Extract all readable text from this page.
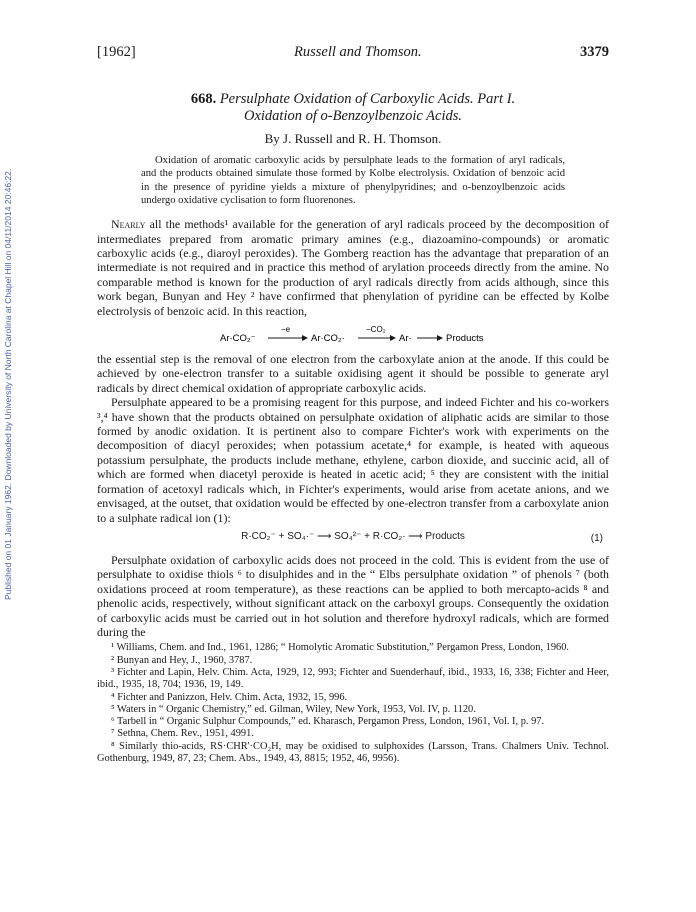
Published on 01 January 1962. Downloaded by University of North Carolina at Chapel Hill on 04/11/2014 20:46:22.
[1962]	Russell and Thomson.	3379
668. Persulphate Oxidation of Carboxylic Acids. Part I.
Oxidation of o-Benzoylbenzoic Acids.
By J. Russell and R. H. Thomson.
Oxidation of aromatic carboxylic acids by persulphate leads to the formation of aryl radicals, and the products obtained simulate those formed by Kolbe electrolysis. Oxidation of benzoic acid in the presence of pyridine yields a mixture of phenylpyridines; and o-benzoylbenzoic acids undergo oxidative cyclisation to form fluorenones.

Nearly all the methods¹ available for the generation of aryl radicals proceed by the decomposition of intermediates prepared from aromatic primary amines (e.g., diazoamino-compounds) or aromatic carboxylic acids (e.g., diaroyl peroxides). The Gomberg reaction has the advantage that preparation of an intermediate is not required and in practice this method of arylation proceeds directly from the amine. No comparable method is known for the production of aryl radicals directly from acids although, since this work began, Bunyan and Hey ² have confirmed that phenylation of pyridine can be effected by Kolbe electrolysis of benzoic acid. In this reaction,

Ar·CO₂⁻
−e
Ar·CO₂·
−CO₂
Ar·	Products

the essential step is the removal of one electron from the carboxylate anion at the anode. If this could be achieved by one-electron transfer to a suitable oxidising agent it should be possible to generate aryl radicals by direct chemical oxidation of appropriate carboxylic acids.

Persulphate appeared to be a promising reagent for this purpose, and indeed Fichter and his co-workers ³,⁴ have shown that the products obtained on persulphate oxidation of aliphatic acids are similar to those formed by anodic oxidation. It is pertinent also to compare Fichter's work with experiments on the decomposition of diacyl peroxides; when potassium acetate,⁴ for example, is heated with aqueous potassium persulphate, the products include methane, ethylene, carbon dioxide, and succinic acid, all of which are formed when diacetyl peroxide is heated in acetic acid; ⁵ they are consistent with the initial formation of acetoxyl radicals which, in Fichter's experiments, would arise from acetate anions, and we envisaged, at the outset, that oxidation would be effected by one-electron transfer from a carboxylate anion to a sulphate radical ion (1):

R·CO₂⁻ + SO₄·⁻ ⟶ SO₄²⁻ + R·CO₂· ⟶ Products	(1)

Persulphate oxidation of carboxylic acids does not proceed in the cold. This is evident from the use of persulphate to oxidise thiols ⁶ to disulphides and in the “ Elbs persulphate oxidation ” of phenols ⁷ (both oxidations proceed at room temperature), as these reactions can be applied to both mercapto-acids ⁸ and phenolic acids, respectively, without significant attack on the carboxyl groups. Consequently the oxidation of carboxylic acids must be carried out in hot solution and therefore hydroxyl radicals, which are formed during the

¹ Williams, Chem. and Ind., 1961, 1286; “ Homolytic Aromatic Substitution,” Pergamon Press, London, 1960.
² Bunyan and Hey, J., 1960, 3787.
³ Fichter and Lapin, Helv. Chim. Acta, 1929, 12, 993; Fichter and Suenderhauf, ibid., 1933, 16, 338; Fichter and Heer, ibid., 1935, 18, 704; 1936, 19, 149.
⁴ Fichter and Panizzon, Helv. Chim. Acta, 1932, 15, 996.
⁵ Waters in “ Organic Chemistry,” ed. Gilman, Wiley, New York, 1953, Vol. IV, p. 1120.
⁶ Tarbell in “ Organic Sulphur Compounds,” ed. Kharasch, Pergamon Press, London, 1961, Vol. I, p. 97.
⁷ Sethna, Chem. Rev., 1951, 4991.
⁸ Similarly thio-acids, RS·CHR'·CO₂H, may be oxidised to sulphoxides (Larsson, Trans. Chalmers Univ. Technol. Gothenburg, 1949, 87, 23; Chem. Abs., 1949, 43, 8815; 1952, 46, 9956).
